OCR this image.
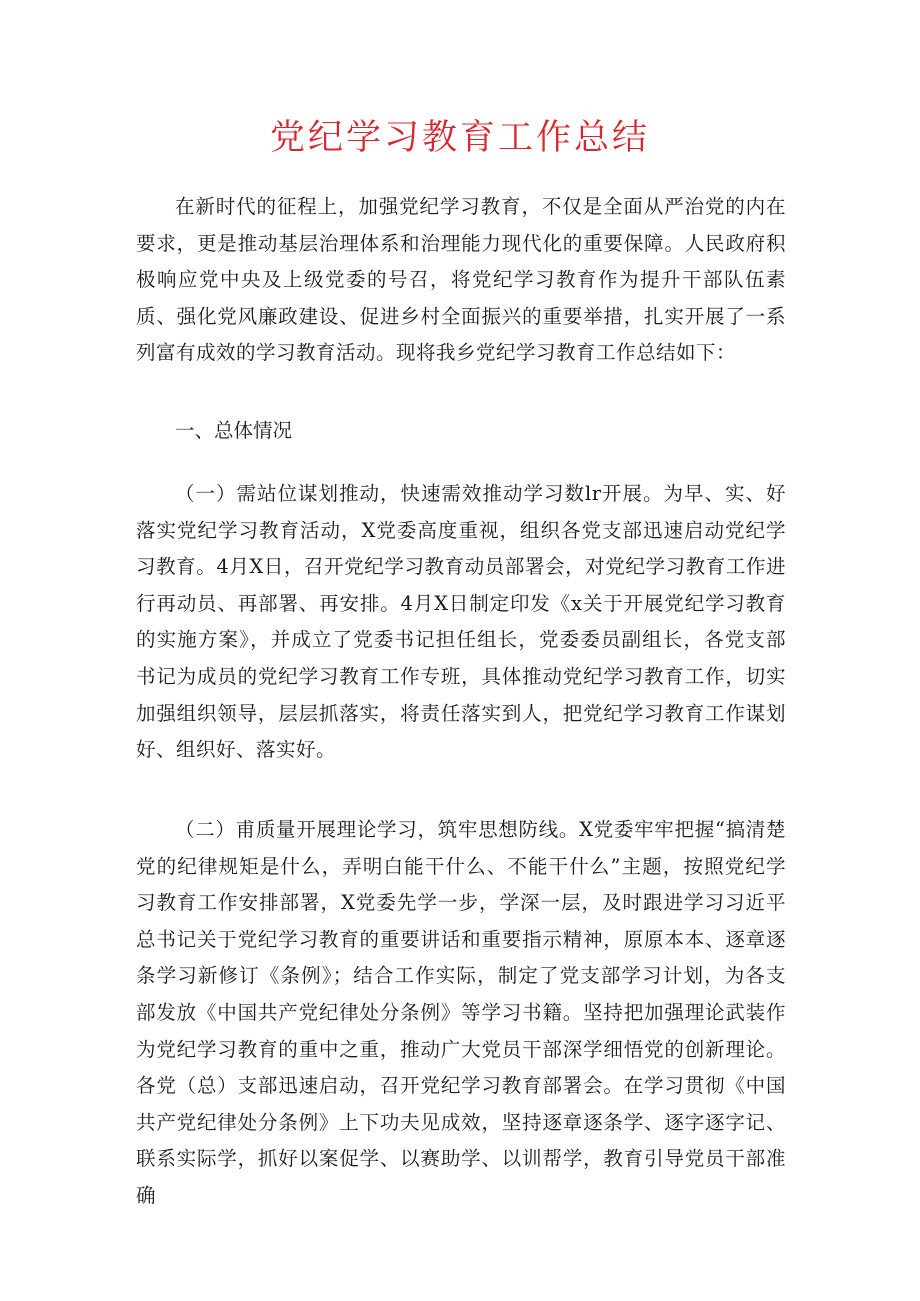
党纪学习教育工作总结

在新时代的征程上，加强党纪学习教育，不仅是全面从严治党的内在要求，更是推动基层治理体系和治理能力现代化的重要保障。人民政府积极响应党中央及上级党委的号召，将党纪学习教育作为提升干部队伍素质、强化党风廉政建设、促进乡村全面振兴的重要举措，扎实开展了一系列富有成效的学习教育活动。现将我乡党纪学习教育工作总结如下：

一、总体情况

（一）需站位谋划推动，快速需效推动学习数lr开展。为早、实、好落实党纪学习教育活动，X党委高度重视，组织各党支部迅速启动党纪学习教育。4月X日，召开党纪学习教育动员部署会，对党纪学习教育工作进行再动员、再部署、再安排。4月X日制定印发《x关于开展党纪学习教育的实施方案》，并成立了党委书记担任组长，党委委员副组长，各党支部书记为成员的党纪学习教育工作专班，具体推动党纪学习教育工作，切实加强组织领导，层层抓落实，将责任落实到人，把党纪学习教育工作谋划好、组织好、落实好。

（二）甫质量开展理论学习，筑牢思想防线。X党委牢牢把握“搞清楚党的纪律规矩是什么，弄明白能干什么、不能干什么”主题，按照党纪学习教育工作安排部署，X党委先学一步，学深一层，及时跟进学习习近平总书记关于党纪学习教育的重要讲话和重要指示精神，原原本本、逐章逐条学习新修订《条例》；结合工作实际，制定了党支部学习计划，为各支部发放《中国共产党纪律处分条例》等学习书籍。坚持把加强理论武装作为党纪学习教育的重中之重，推动广大党员干部深学细悟党的创新理论。各党（总）支部迅速启动，召开党纪学习教育部署会。在学习贯彻《中国共产党纪律处分条例》上下功夫见成效，坚持逐章逐条学、逐字逐字记、联系实际学，抓好以案促学、以赛助学、以训帮学，教育引导党员干部准确
